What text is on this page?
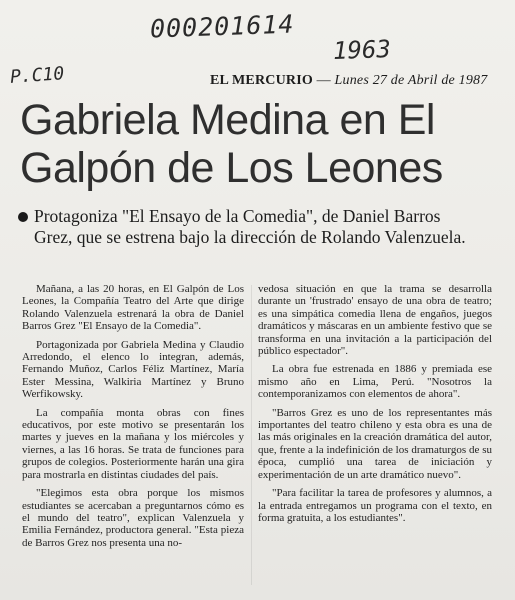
000201614
1963
P.C10	EL MERCURIO — Lunes 27 de Abril de 1987
Gabriela Medina en El Galpón de Los Leones
Protagoniza "El Ensayo de la Comedia", de Daniel Barros Grez, que se estrena bajo la dirección de Rolando Valenzuela.

Mañana, a las 20 horas, en El Galpón de Los Leones, la Compañía Teatro del Arte que dirige Rolando Valenzuela estrenará la obra de Daniel Barros Grez "El Ensayo de la Comedia".

Portagonizada por Gabriela Medina y Claudio Arredondo, el elenco lo integran, además, Fernando Muñoz, Carlos Féliz Martínez, María Ester Messina, Walkiria Martínez y Bruno Werfikowsky.

La compañía monta obras con fines educativos, por este motivo se presentarán los martes y jueves en la mañana y los miércoles y viernes, a las 16 horas. Se trata de funciones para grupos de colegios. Posteriormente harán una gira para mostrarla en distintas ciudades del país.

"Elegimos esta obra porque los mismos estudiantes se acercaban a preguntarnos cómo es el mundo del teatro", explican Valenzuela y Emilia Fernández, productora general. "Esta pieza de Barros Grez nos presenta una no-

vedosa situación en que la trama se desarrolla durante un 'frustrado' ensayo de una obra de teatro; es una simpática comedia llena de engaños, juegos dramáticos y máscaras en un ambiente festivo que se transforma en una invitación a la participación del público espectador".

La obra fue estrenada en 1886 y premiada ese mismo año en Lima, Perú. "Nosotros la contemporanizamos con elementos de ahora".

"Barros Grez es uno de los representantes más importantes del teatro chileno y esta obra es una de las más originales en la creación dramática del autor, que, frente a la indefinición de los dramaturgos de su época, cumplió una tarea de iniciación y experimentación de un arte dramático nuevo".

"Para facilitar la tarea de profesores y alumnos, a la entrada entregamos un programa con el texto, en forma gratuita, a los estudiantes".
